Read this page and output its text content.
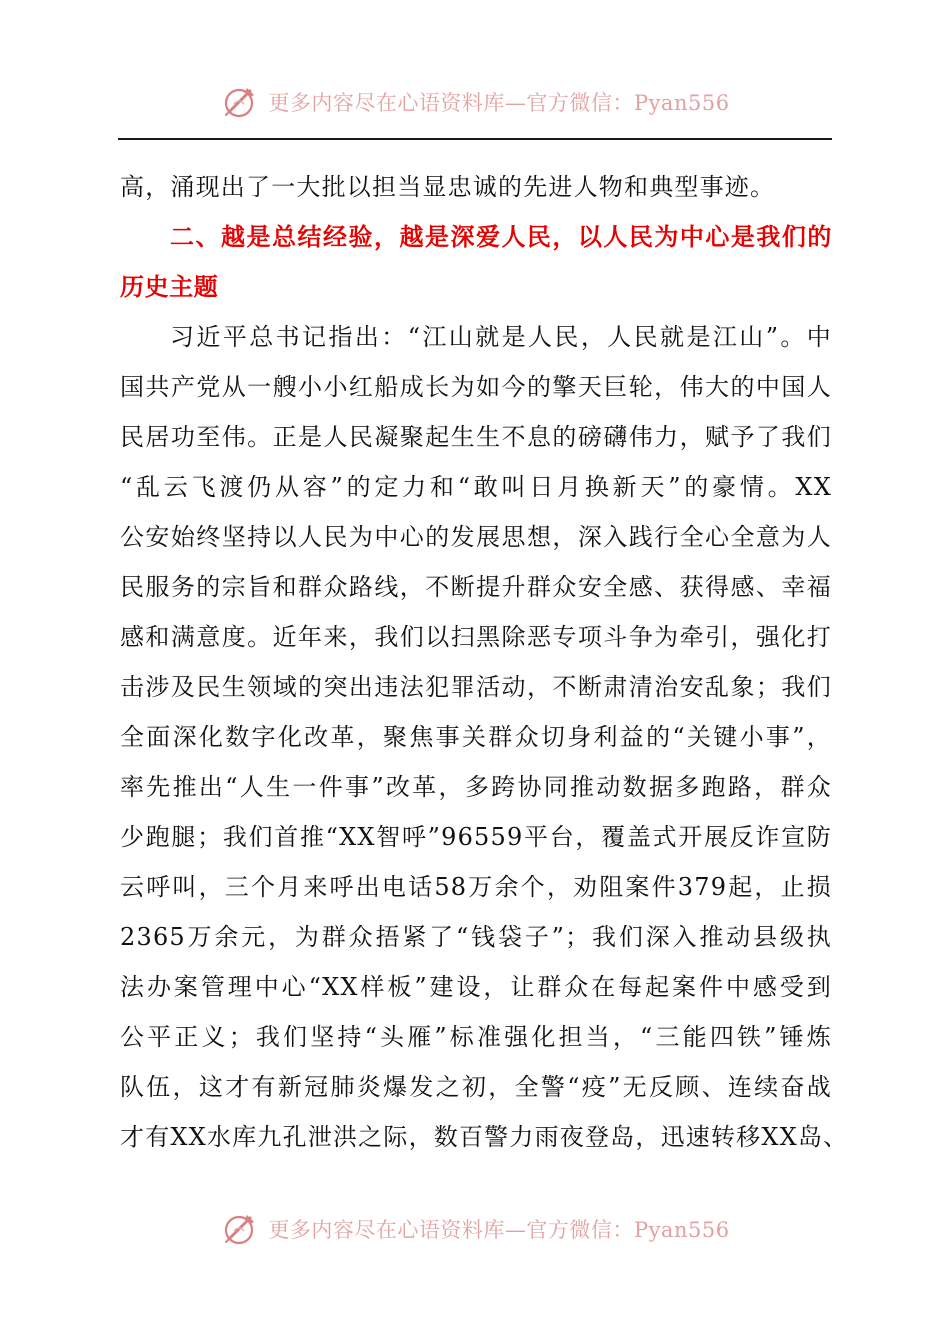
更多内容尽在心语资料库—官方微信：Pyan556
高，涌现出了一大批以担当显忠诚的先进人物和典型事迹。
二、越是总结经验，越是深爱人民，以人民为中心是我们的
历史主题
习近平总书记指出：“江山就是人民，人民就是江山”。中
国共产党从一艘小小红船成长为如今的擎天巨轮，伟大的中国人
民居功至伟。正是人民凝聚起生生不息的磅礴伟力，赋予了我们
“乱云飞渡仍从容”的定力和“敢叫日月换新天”的豪情。XX
公安始终坚持以人民为中心的发展思想，深入践行全心全意为人
民服务的宗旨和群众路线，不断提升群众安全感、获得感、幸福
感和满意度。近年来，我们以扫黑除恶专项斗争为牵引，强化打
击涉及民生领域的突出违法犯罪活动，不断肃清治安乱象；我们
全面深化数字化改革，聚焦事关群众切身利益的“关键小事”，
率先推出“人生一件事”改革，多跨协同推动数据多跑路，群众
少跑腿；我们首推“XX智呼”96559平台，覆盖式开展反诈宣防
云呼叫，三个月来呼出电话58万余个，劝阻案件379起，止损
2365万余元，为群众捂紧了“钱袋子”；我们深入推动县级执
法办案管理中心“XX样板”建设，让群众在每起案件中感受到
公平正义；我们坚持“头雁”标准强化担当，“三能四铁”锤炼
队伍，这才有新冠肺炎爆发之初，全警“疫”无反顾、连续奋战
才有XX水库九孔泄洪之际，数百警力雨夜登岛，迅速转移XX岛、
更多内容尽在心语资料库—官方微信：Pyan556
